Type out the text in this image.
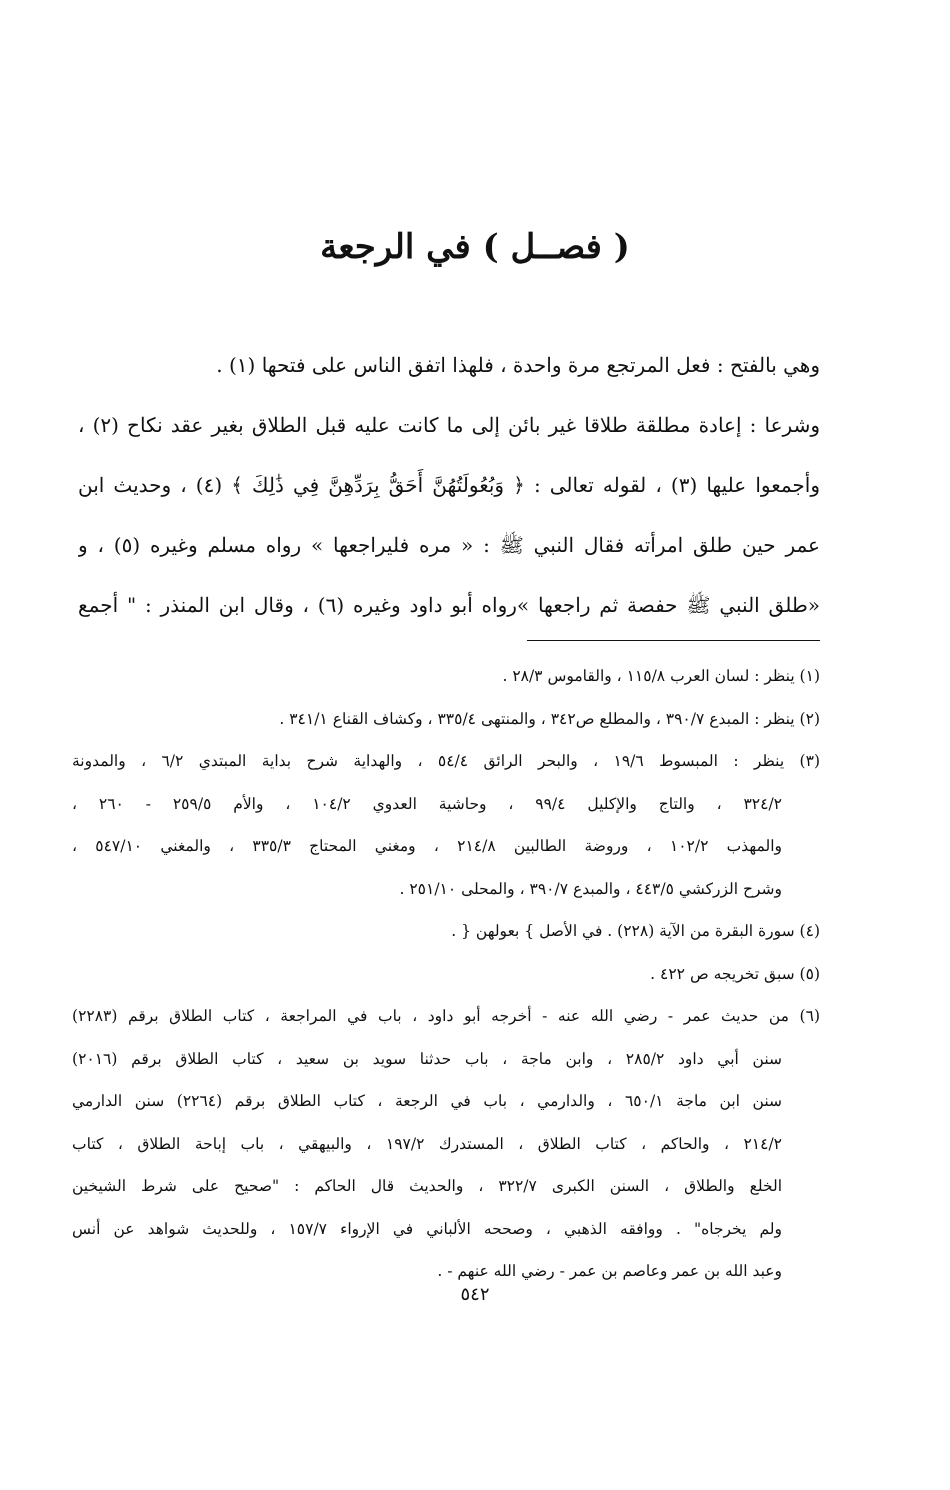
( فصــل ) في الرجعة
وهي بالفتح : فعل المرتجع مرة واحدة ، فلهذا اتفق الناس على فتحها (١) .
وشرعا : إعادة مطلقة طلاقا غير بائن إلى ما كانت عليه قبل الطلاق بغير عقد نكاح (٢) ،
وأجمعوا عليها (٣) ، لقوله تعالى : ﴿ وَبُعُولَتُهُنَّ أَحَقُّ بِرَدِّهِنَّ فِي ذَٰلِكَ ﴾ (٤) ، وحديث ابن
عمر حين طلق امرأته فقال النبي ﷺ : « مره فليراجعها » رواه مسلم وغيره (٥) ، و
«طلق النبي ﷺ حفصة ثم راجعها »رواه أبو داود وغيره (٦) ، وقال ابن المنذر : " أجمع
(١) ينظر : لسان العرب ١١٥/٨ ، والقاموس ٢٨/٣ .
(٢) ينظر : المبدع ٣٩٠/٧ ، والمطلع ص٣٤٢ ، والمنتهى ٣٣٥/٤ ، وكشاف القناع ٣٤١/١ .
(٣) ينظر : المبسوط ١٩/٦ ، والبحر الرائق ٥٤/٤ ، والهداية شرح بداية المبتدي ٦/٢ ، والمدونة
٣٢٤/٢ ، والتاج والإكليل ٩٩/٤ ، وحاشية العدوي ١٠٤/٢ ، والأم ٢٥٩/٥ - ٢٦٠ ،
والمهذب ١٠٢/٢ ، وروضة الطالبين ٢١٤/٨ ، ومغني المحتاج ٣٣٥/٣ ، والمغني ٥٤٧/١٠ ،
وشرح الزركشي ٤٤٣/٥ ، والمبدع ٣٩٠/٧ ، والمحلى ٢٥١/١٠ .
(٤) سورة البقرة من الآية (٢٢٨) . في الأصل } بعولهن { .
(٥) سبق تخريجه ص ٤٢٢ .
(٦) من حديث عمر - رضي الله عنه - أخرجه أبو داود ، باب في المراجعة ، كتاب الطلاق برقم (٢٢٨٣)
سنن أبي داود ٢٨٥/٢ ، وابن ماجة ، باب حدثنا سويد بن سعيد ، كتاب الطلاق برقم (٢٠١٦)
سنن ابن ماجة ٦٥٠/١ ، والدارمي ، باب في الرجعة ، كتاب الطلاق برقم (٢٢٦٤) سنن الدارمي
٢١٤/٢ ، والحاكم ، كتاب الطلاق ، المستدرك ١٩٧/٢ ، والبيهقي ، باب إباحة الطلاق ، كتاب
الخلع والطلاق ، السنن الكبرى ٣٢٢/٧ ، والحديث قال الحاكم : "صحيح على شرط الشيخين
ولم يخرجاه" . ووافقه الذهبي ، وصححه الألباني في الإرواء ١٥٧/٧ ، وللحديث شواهد عن أنس
وعبد الله بن عمر وعاصم بن عمر - رضي الله عنهم - .
٥٤٢
